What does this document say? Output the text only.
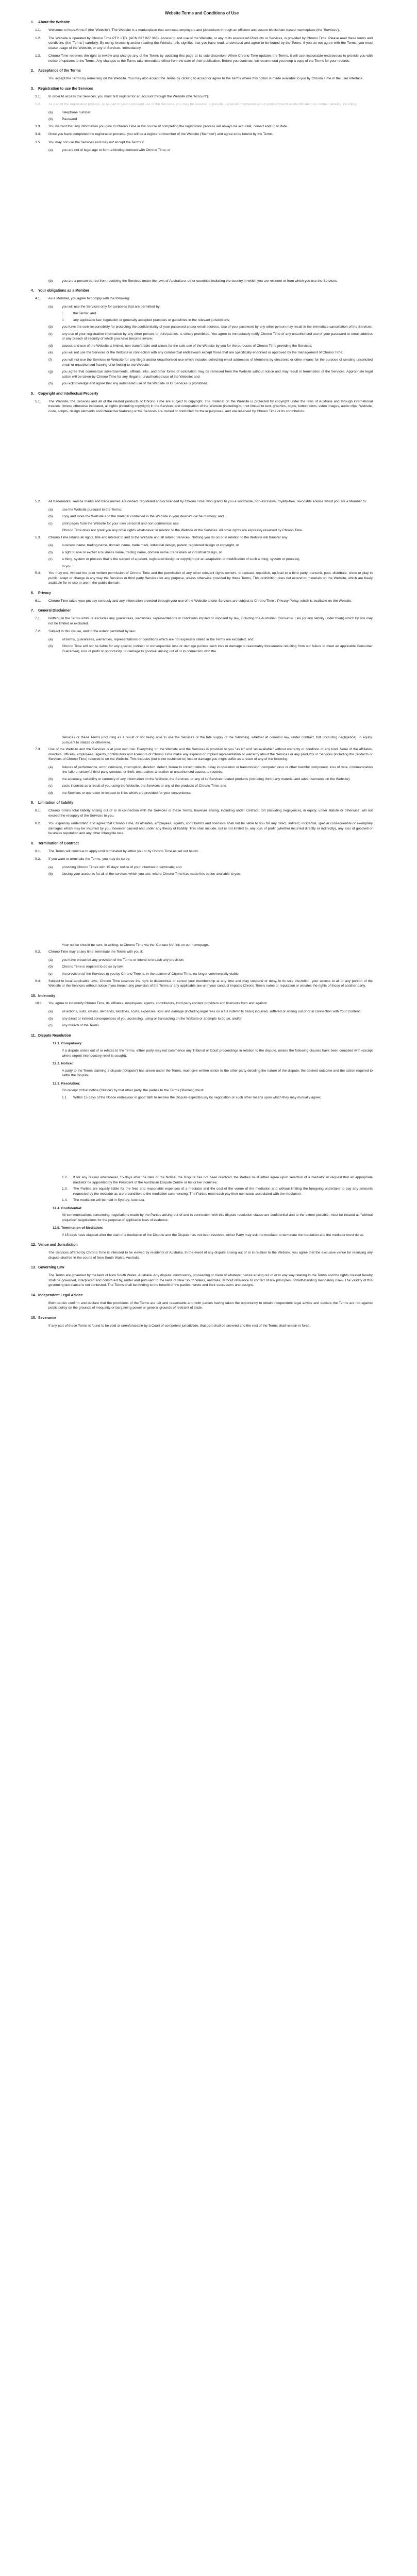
Website Terms and Conditions of Use
1. About the Website
1.1.	Welcome to https://inno.fi (the 'Website'). The Website is a marketplace that connects employers and jobseekers through an efficient and secure blockchain-based marketplace (the 'Services').
1.2.	The Website is operated by Chrono Time PTY. LTD. (ACN 627 927 363). Access to and use of the Website, or any of its associated Products or Services, is provided by Chrono Time. Please read these terms and conditions (the 'Terms') carefully. By using, browsing and/or reading the Website, this signifies that you have read, understood and agree to be bound by the Terms. If you do not agree with the Terms, you must cease usage of the Website, or any of Services, immediately.
1.3.	Chrono Time reserves the right to review and change any of the Terms by updating this page at its sole discretion. When Chrono Time updates the Terms, it will use reasonable endeavours to provide you with notice of updates to the Terms. Any changes to the Terms take immediate effect from the date of their publication. Before you continue, we recommend you keep a copy of the Terms for your records.
2. Acceptance of the Terms
You accept the Terms by remaining on the Website. You may also accept the Terms by clicking to accept or agree to the Terms where this option is made available to you by Chrono Time in the user interface.
3. Registration to use the Services
3.1.	In order to access the Services, you must first register for an account through the Website (the 'Account').
3.2.	As part of the registration process, or as part of your continued use of the Services, you may be required to provide personal information about yourself (such as identification or contact details), including:
(a)	Telephone number
(b)	Password
3.3.	You warrant that any information you give to Chrono Time in the course of completing the registration process will always be accurate, correct and up to date.
3.4.	Once you have completed the registration process, you will be a registered member of the Website ('Member') and agree to be bound by the Terms.
3.5.	You may not use the Services and may not accept the Terms if:
(a)	you are not of legal age to form a binding contract with Chrono Time; or
(b)	you are a person barred from receiving the Services under the laws of Australia or other countries including the country in which you are resident or from which you use the Services.
4. Your obligations as a Member
4.1.	As a Member, you agree to comply with the following:
(a)	you will use the Services only for purposes that are permitted by:
i.	the Terms; and
ii.	any applicable law, regulation or generally accepted practices or guidelines in the relevant jurisdictions;
(b)	you have the sole responsibility for protecting the confidentiality of your password and/or email address. Use of your password by any other person may result in the immediate cancellation of the Services;
(c)	any use of your registration information by any other person, or third parties, is strictly prohibited. You agree to immediately notify Chrono Time of any unauthorised use of your password or email address or any breach of security of which you have become aware;
(d)	access and use of the Website is limited, non-transferable and allows for the sole use of the Website by you for the purposes of Chrono Time providing the Services;
(e)	you will not use the Services or the Website in connection with any commercial endeavours except those that are specifically endorsed or approved by the management of Chrono Time;
(f)	you will not use the Services or Website for any illegal and/or unauthorised use which includes collecting email addresses of Members by electronic or other means for the purpose of sending unsolicited email or unauthorised framing of or linking to the Website;
(g)	you agree that commercial advertisements, affiliate links, and other forms of solicitation may be removed from the Website without notice and may result in termination of the Services. Appropriate legal action will be taken by Chrono Time for any illegal or unauthorised use of the Website; and
(h)	you acknowledge and agree that any automated use of the Website or its Services is prohibited.
5. Copyright and Intellectual Property
5.1.	The Website, the Services and all of the related products of Chrono Time are subject to copyright. The material on the Website is protected by copyright under the laws of Australia and through international treaties. Unless otherwise indicated, all rights (including copyright) in the Services and compilation of the Website (including but not limited to text, graphics, logos, button icons, video images, audio clips, Website, code, scripts, design elements and interactive features) or the Services are owned or controlled for these purposes, and are reserved by Chrono Time or its contributors.
5.2.	All trademarks, service marks and trade names are owned, registered and/or licensed by Chrono Time, who grants to you a worldwide, non-exclusive, royalty-free, revocable license whilst you are a Member to:
(a)	use the Website pursuant to the Terms;
(b)	copy and store the Website and the material contained in the Website in your device's cache memory; and
(c)	print pages from the Website for your own personal and non-commercial use.
Chrono Time does not grant you any other rights whatsoever in relation to the Website or the Services. All other rights are expressly reserved by Chrono Time.
5.3.	Chrono Time retains all rights, title and interest in and to the Website and all related Services. Nothing you do on or in relation to the Website will transfer any:
(a)	business name, trading name, domain name, trade mark, industrial design, patent, registered design or copyright, or
(b)	a right to use or exploit a business name, trading name, domain name, trade mark or industrial design, or
(c)	a thing, system or process that is the subject of a patent, registered design or copyright (or an adaptation or modification of such a thing, system or process),
to you.
5.4.	You may not, without the prior written permission of Chrono Time and the permission of any other relevant rights owners: broadcast, republish, up-load to a third party, transmit, post, distribute, show or play in public, adapt or change in any way the Services or third party Services for any purpose, unless otherwise provided by these Terms. This prohibition does not extend to materials on the Website, which are freely available for re-use or are in the public domain.
6. Privacy
6.1.	Chrono Time takes your privacy seriously and any information provided through your use of the Website and/or Services are subject to Chrono Time's Privacy Policy, which is available on the Website.
7. General Disclaimer
7.1.	Nothing in the Terms limits or excludes any guarantees, warranties, representations or conditions implied or imposed by law, including the Australian Consumer Law (or any liability under them) which by law may not be limited or excluded.
7.2.	Subject to this clause, and to the extent permitted by law:
(a)	all terms, guarantees, warranties, representations or conditions which are not expressly stated in the Terms are excluded; and
(b)	Chrono Time will not be liable for any special, indirect or consequential loss or damage (unless such loss or damage is reasonably foreseeable resulting from our failure to meet an applicable Consumer Guarantee), loss of profit or opportunity, or damage to goodwill arising out of or in connection with the
Services or these Terms (including as a result of not being able to use the Services or the late supply of the Services), whether at common law, under contract, tort (including negligence), in equity, pursuant to statute or otherwise.
7.3.	Use of the Website and the Services is at your own risk. Everything on the Website and the Services is provided to you "as is" and "as available" without warranty or condition of any kind. None of the affiliates, directors, officers, employees, agents, contributors and licensors of Chrono Time make any express or implied representation or warranty about the Services or any products or Services (including the products or Services of Chrono Time) referred to on the Website. This includes (but is not restricted to) loss or damage you might suffer as a result of any of the following:
(a)	failures of performance, error, omission, interruption, deletion, defect, failure to correct defects, delay in operation or transmission, computer virus or other harmful component, loss of data, communication line failure, unlawful third party conduct, or theft, destruction, alteration or unauthorised access to records;
(b)	the accuracy, suitability or currency of any information on the Website, the Services, or any of its Services related products (including third party material and advertisements on the Website);
(c)	costs incurred as a result of you using the Website, the Services or any of the products of Chrono Time; and
(d)	the Services or operation in respect to links which are provided for your convenience.
8. Limitation of liability
8.1.	Chrono Time's total liability arising out of or in connection with the Services or these Terms, however arising, including under contract, tort (including negligence), in equity, under statute or otherwise, will not exceed the resupply of the Services to you.
8.2.	You expressly understand and agree that Chrono Time, its affiliates, employees, agents, contributors and licensors shall not be liable to you for any direct, indirect, incidental, special consequential or exemplary damages which may be incurred by you, however caused and under any theory of liability. This shall include, but is not limited to, any loss of profit (whether incurred directly or indirectly), any loss of goodwill or business reputation and any other intangible loss.
9. Termination of Contract
9.1.	The Terms will continue to apply until terminated by either you or by Chrono Time as set out below.
9.2.	If you want to terminate the Terms, you may do so by:
(a)	providing Chrono Times with 15 days' notice of your intention to terminate; and
(b)	closing your accounts for all of the services which you use, where Chrono Time has made this option available to you.
Your notice should be sent, in writing, to Chrono Time via the 'Contact Us' link on our homepage.
9.3.	Chrono Time may at any time, terminate the Terms with you if:
(a)	you have breached any provision of the Terms or intend to breach any provision;
(b)	Chrono Time is required to do so by law;
(c)	the provision of the Services to you by Chrono Time is, in the opinion of Chrono Time, no longer commercially viable.
9.4.	Subject to local applicable laws, Chrono Time reserves the right to discontinue or cancel your membership at any time and may suspend or deny, in its sole discretion, your access to all or any portion of the Website or the Services without notice if you breach any provision of the Terms or any applicable law or if your conduct impacts Chrono Time's name or reputation or violates the rights of those of another party.
10. Indemnity
10.1.	You agree to indemnify Chrono Time, its affiliates, employees, agents, contributors, third party content providers and licensors from and against:
(a)	all actions, suits, claims, demands, liabilities, costs, expenses, loss and damage (including legal fees on a full indemnity basis) incurred, suffered or arising out of or in connection with Your Content;
(b)	any direct or indirect consequences of you accessing, using or transacting on the Website or attempts to do so; and/or
(c)	any breach of the Terms.
11. Dispute Resolution
12.1. Compulsory:
If a dispute arises out of or relates to the Terms, either party may not commence any Tribunal or Court proceedings in relation to the dispute, unless the following clauses have been complied with (except where urgent interlocutory relief is sought).
12.2. Notice:
A party to the Terms claiming a dispute ('Dispute') has arisen under the Terms, must give written notice to the other party detailing the nature of the dispute, the desired outcome and the action required to settle the Dispute.
12.3. Resolution:
On receipt of that notice ('Notice') by that other party, the parties to the Terms ('Parties') must:
1.1.	Within 15 days of the Notice endeavour in good faith to resolve the Dispute expeditiously by negotiation or such other means upon which they may mutually agree;
1.2.	If for any reason whatsoever, 15 days after the date of the Notice, the Dispute has not been resolved, the Parties must either agree upon selection of a mediator or request that an appropriate mediator be appointed by the President of the Australian Dispute Centre or his or her nominee;
1.3.	The Parties are equally liable for the fees and reasonable expenses of a mediator and the cost of the venue of the mediation and without limiting the foregoing undertake to pay any amounts requested by the mediator as a pre-condition to the mediation commencing. The Parties must each pay their own costs associated with the mediation;
1.4.	The mediation will be held in Sydney, Australia.
12.4. Confidential:
All communications concerning negotiations made by the Parties arising out of and in connection with this dispute resolution clause are confidential and to the extent possible, must be treated as "without prejudice" negotiations for the purpose of applicable laws of evidence.
12.5. Termination of Mediation:
If 15 days have elapsed after the start of a mediation of the Dispute and the Dispute has not been resolved, either Party may ask the mediator to terminate the mediation and the mediator must do so.
12. Venue and Jurisdiction
The Services offered by Chrono Time is intended to be viewed by residents of Australia. In the event of any dispute arising out of or in relation to the Website, you agree that the exclusive venue for resolving any dispute shall be in the courts of New South Wales, Australia.
13. Governing Law
The Terms are governed by the laws of New South Wales, Australia. Any dispute, controversy, proceeding or claim of whatever nature arising out of or in any way relating to the Terms and the rights created hereby shall be governed, interpreted and construed by, under and pursuant to the laws of New South Wales, Australia, without reference to conflict of law principles, notwithstanding mandatory rules. The validity of this governing law clause is not contested. The Terms shall be binding to the benefit of the parties hereto and their successors and assigns.
14. Independent Legal Advice
Both parties confirm and declare that the provisions of the Terms are fair and reasonable and both parties having taken the opportunity to obtain independent legal advice and declare the Terms are not against public policy on the grounds of inequality or bargaining power or general grounds of restraint of trade.
15. Severance
If any part of these Terms is found to be void or unenforceable by a Court of competent jurisdiction, that part shall be severed and the rest of the Terms shall remain in force.
